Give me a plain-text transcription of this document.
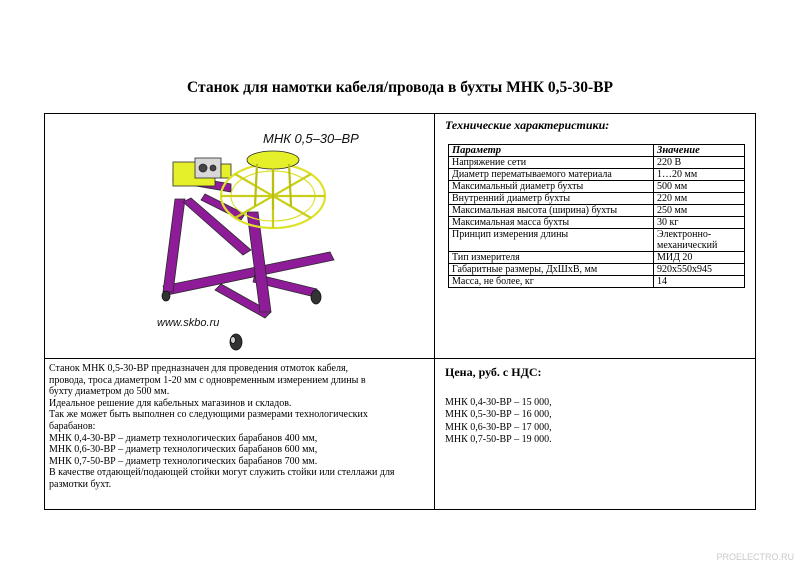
Станок для намотки кабеля/провода в бухты МНК 0,5-30-ВР
МНК 0,5–30–ВР
www.skbo.ru
Технические характеристики:
Параметр	Значение
Напряжение сети	220 В
Диаметр перематываемого материала	1…20 мм
Максимальный диаметр бухты	500 мм
Внутренний диаметр бухты	220 мм
Максимальная высота (ширина) бухты	250 мм
Максимальная масса бухты	30 кг
Принцип измерения длины	Электронно-
механический
Тип измерителя	МИД 20
Габаритные размеры, ДхШхВ, мм	920х550х945
Масса, не более, кг	14
Станок МНК 0,5-30-ВР предназначен для проведения отмоток кабеля,
провода, троса диаметром 1-20 мм с одновременным измерением длины в
бухту диаметром до 500 мм.
Идеальное решение для кабельных магазинов и складов.
Так же может быть выполнен со следующими размерами технологических
барабанов:
МНК 0,4-30-ВР – диаметр технологических барабанов 400 мм,
МНК 0,6-30-ВР – диаметр технологических барабанов 600 мм,
МНК 0,7-50-ВР – диаметр технологических барабанов 700 мм.
В качестве отдающей/подающей стойки могут служить стойки или стеллажи для
размотки бухт.
Цена, руб. с НДС:
МНК 0,4-30-ВР – 15 000,
МНК 0,5-30-ВР – 16 000,
МНК 0,6-30-ВР – 17 000,
МНК 0,7-50-ВР – 19 000.
PROELECTRO.RU
